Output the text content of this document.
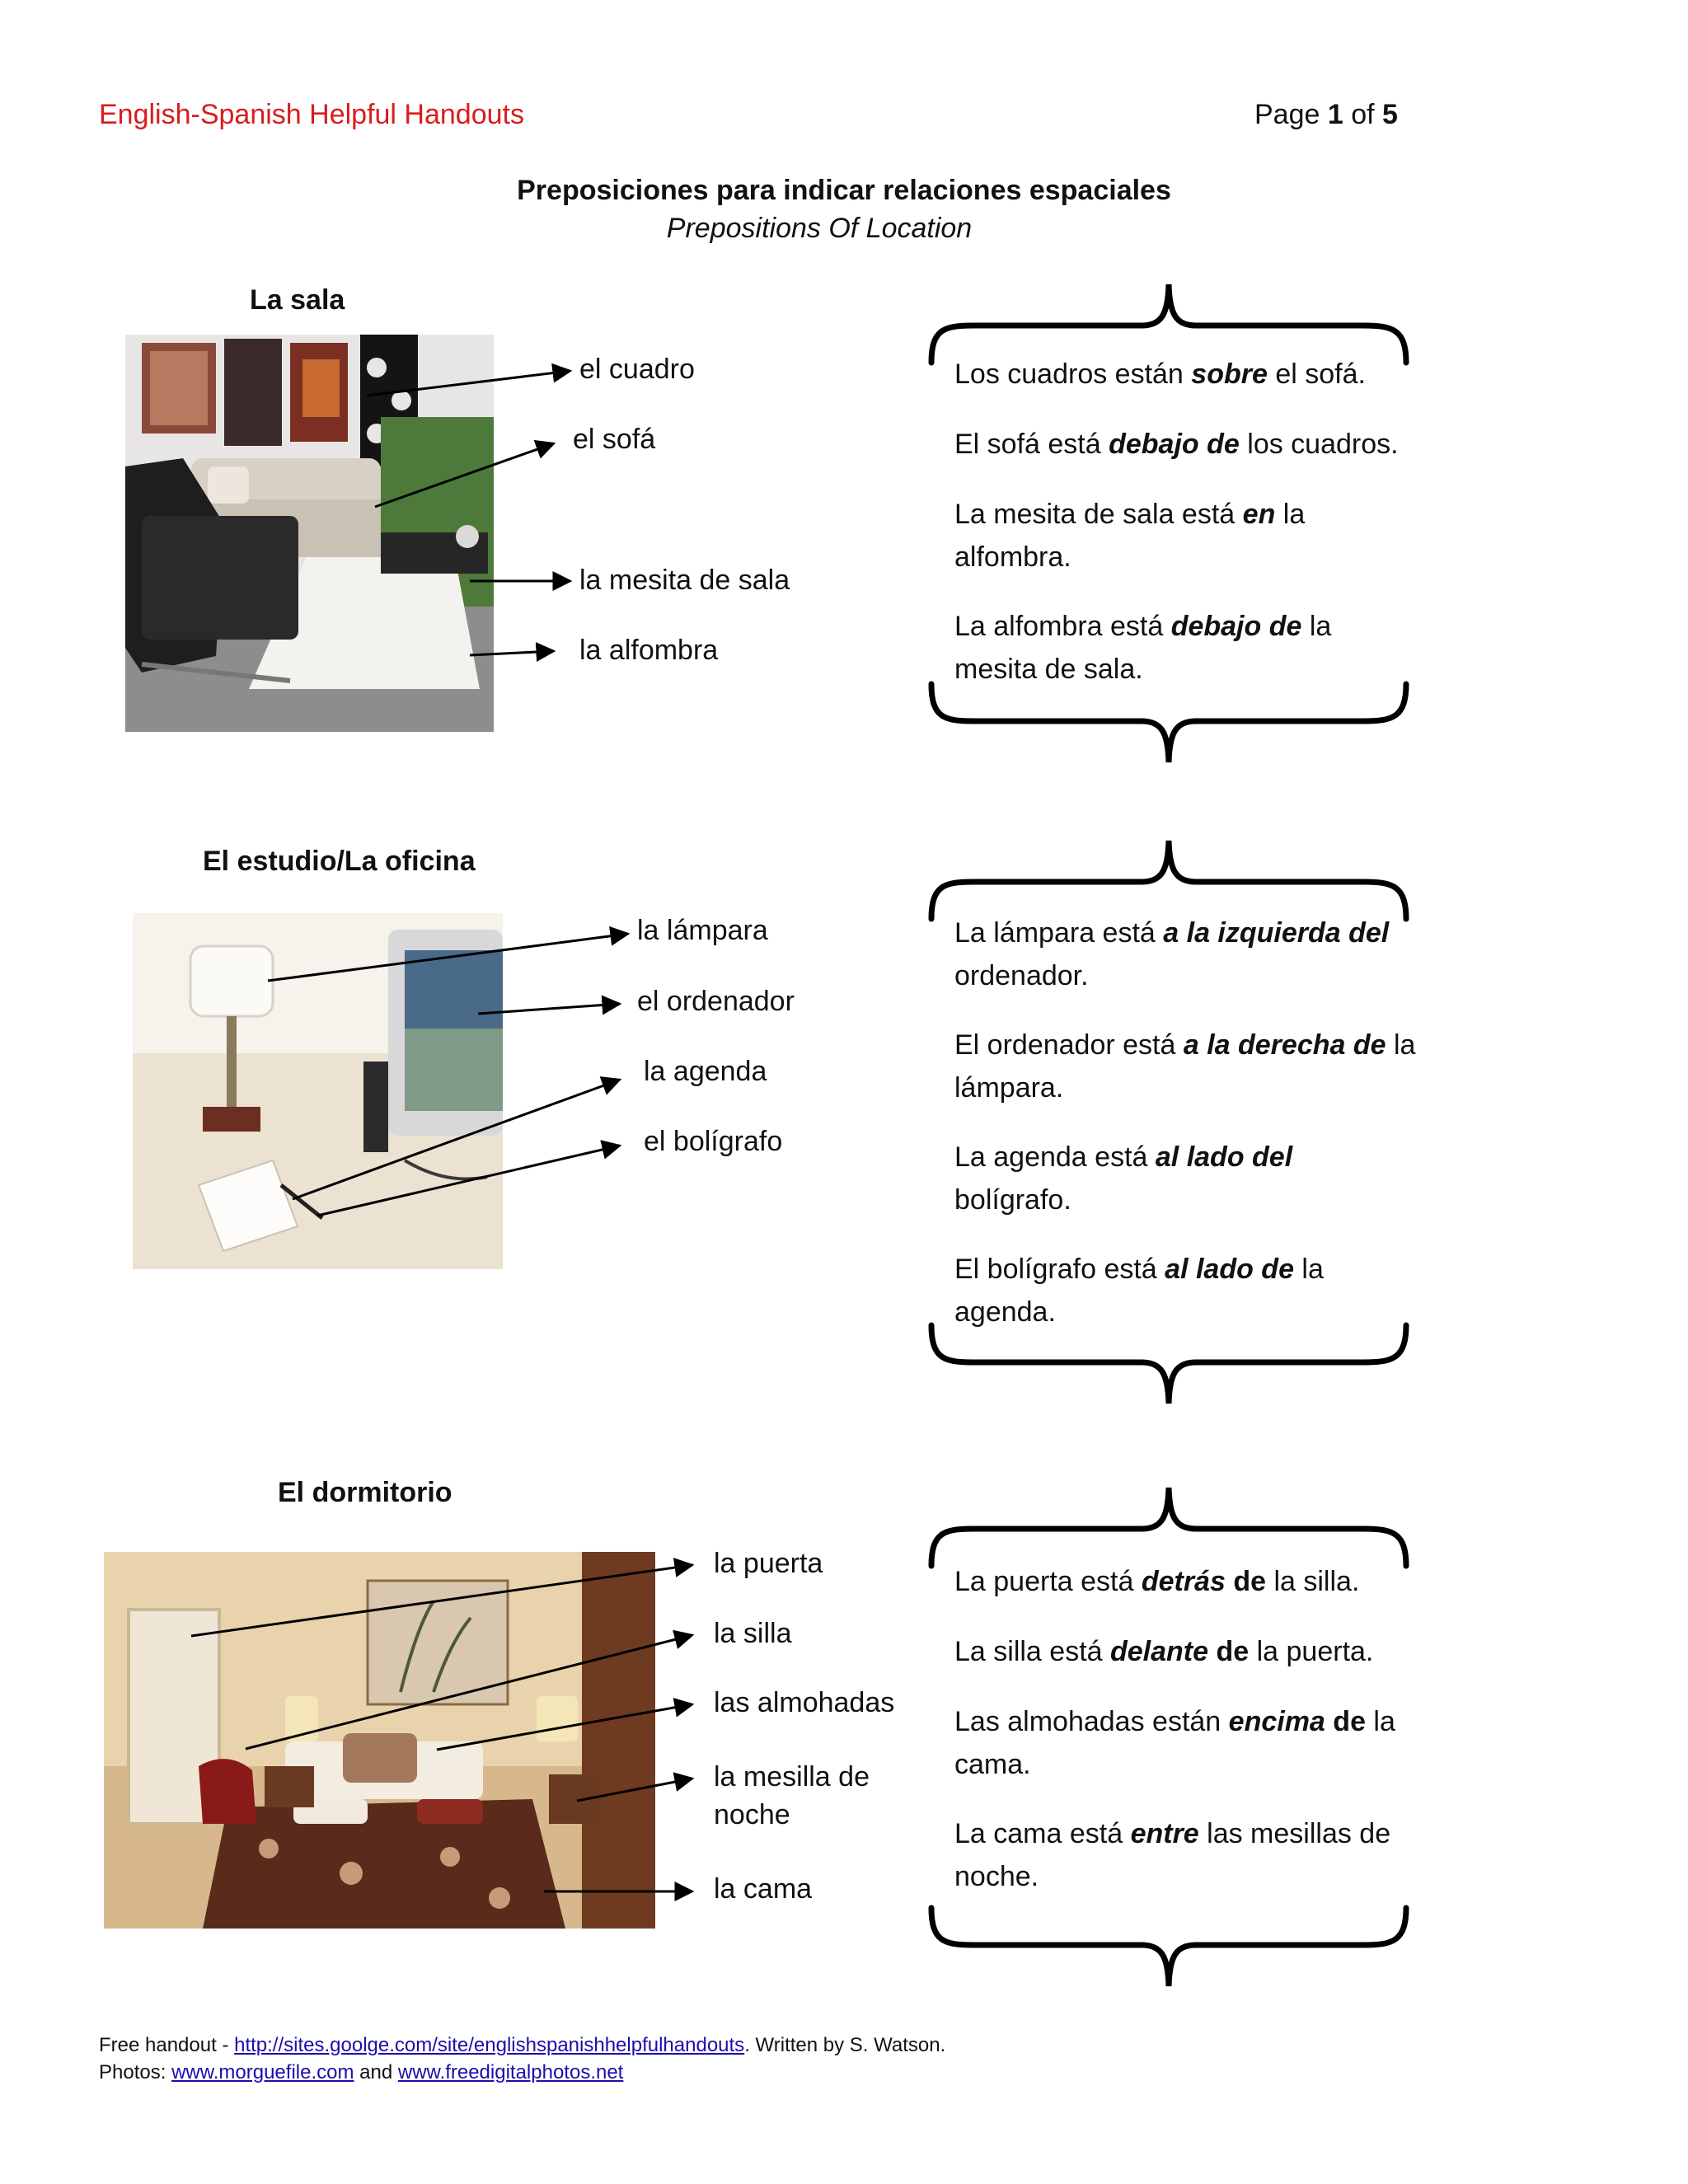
English-Spanish Helpful Handouts	Page 1 of 5
Preposiciones para indicar relaciones espaciales
Prepositions Of Location
La sala
el cuadro
el sofá
la mesita de sala
la alfombra
Los cuadros están sobre el sofá.
El sofá está debajo de los cuadros.
La mesita de sala está en la alfombra.
La alfombra está debajo de la mesita de sala.
El estudio/La oficina
la lámpara
el ordenador
la agenda
el bolígrafo
La lámpara está a la izquierda del ordenador.
El ordenador está a la derecha de la lámpara.
La agenda está al lado del bolígrafo.
El bolígrafo está al lado de la agenda.
El dormitorio
la puerta
la silla
las almohadas
la mesilla de noche
la cama
La puerta está detrás de la silla.
La silla está delante de la puerta.
Las almohadas están encima de la cama.
La cama está entre las mesillas de noche.
Free handout - http://sites.goolge.com/site/englishspanishhelpfulhandouts. Written by S. Watson.
Photos: www.morguefile.com and www.freedigitalphotos.net
